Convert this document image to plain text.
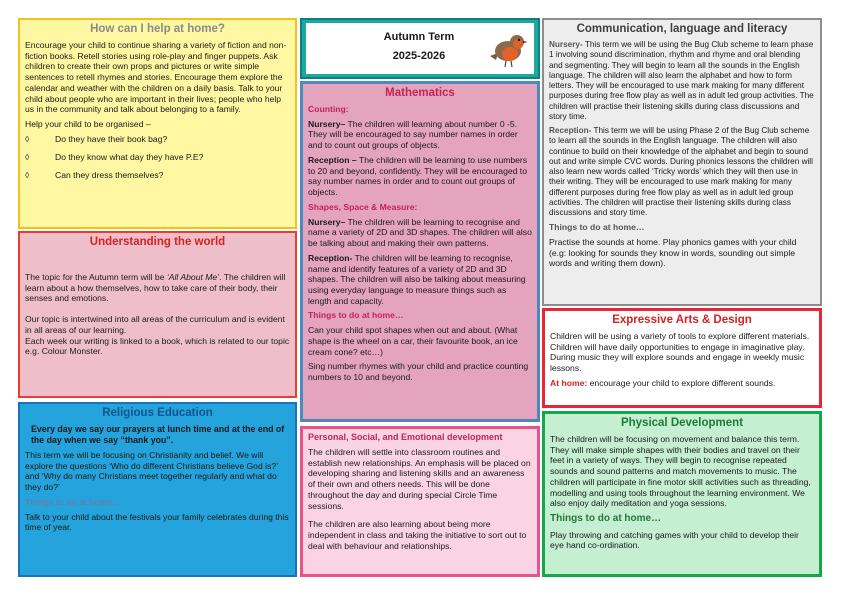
How can I help at home?

Encourage your child to continue sharing a variety of fiction and non-fiction books. Retell stories using role-play and finger puppets. Ask children to create their own props and pictures or write simple sentences to retell rhymes and stories. Encourage them explore the calendar and weather with the children on a daily basis. Talk to your child about people who are important in their lives; people who help us in the community and talk about belonging to a family.

Help your child to be organised –

◊	Do they have their book bag?
◊	Do they know what day they have P.E?
◊	Can they dress themselves?
Understanding the world

The topic for the Autumn term will be ‘All About Me’. The children will learn about a how themselves, how to take care of their body, their senses and emotions.

Our topic is intertwined into all areas of the curriculum and is evident in all areas of our learning.

Each week our writing is linked to a book, which is related to our topic e.g. Colour Monster.

Religious Education

Every day we say our prayers at lunch time and at the end of the day when we say “thank you”.

This term we will be focusing on Christianity and belief. We will explore the questions ‘Who do different Christians believe God is?’ and ‘Why do many Christians meet together regularly and what do they do?’

Things to do at home…

Talk to your child about the festivals your family celebrates during this time of year.

Autumn Term
2025-2026
Mathematics

Counting:

Nursery– The children will learning about number 0 -5. They will be encouraged to say number names in order and to count out groups of objects.

Reception – The children will be learning to use numbers to 20 and beyond, confidently. They will be encouraged to say number names in order and to count out groups of objects.

Shapes, Space & Measure:

Nursery– The children will be learning to recognise and name a variety of 2D and 3D shapes. The children will also be talking about and making their own patterns.

Reception- The children will be learning to recognise, name and identify features of a variety of 2D and 3D shapes. The children will also be talking about measuring using everyday language to measure things such as length and capacity.

Things to do at home…

Can your child spot shapes when out and about. (What shape is the wheel on a car, their favourite book, an ice cream cone? etc…)

Sing number rhymes with your child and practice counting numbers to 10 and beyond.

Personal, Social, and Emotional development

The children will settle into classroom routines and establish new relationships. An emphasis will be placed on developing sharing and listening skills and an awareness of their own and others needs. This will be done throughout the day and during special Circle Time sessions.

The children are also learning about being more independent in class and taking the initiative to sort out to deal with behaviour and relationships.

Communication, language and literacy

Nursery- This term we will be using the Bug Club scheme to learn phase 1 involving sound discrimination, rhythm and rhyme and oral blending and segmenting. They will begin to learn all the sounds in the English language. The children will also learn the alphabet and how to form letters. They will be encouraged to use mark making for many different purposes during free flow play as well as in adult led group activities. The children will practise their listening skills during class discussions and story time.

Reception- This term we will be using Phase 2 of the Bug Club scheme to learn all the sounds in the English language. The children will also continue to build on their knowledge of the alphabet and begin to sound out and write simple CVC words. During phonics lessons the children will also learn new words called ‘Tricky words’ which they will then use in their writing. They will be encouraged to use mark making for many different purposes during free flow play as well as in adult led group activities. The children will practise their listening skills during class discussions and story time.

Things to do at home…

Practise the sounds at home. Play phonics games with your child (e.g: looking for sounds they know in words, sounding out simple words and writing them down).

Expressive Arts & Design

Children will be using a variety of tools to explore different materials. Children will have daily opportunities to engage in imaginative play. During music they will explore sounds and engage in weekly music lessons.

At home: encourage your child to explore different sounds.

Physical Development

The children will be focusing on movement and balance this term. They will make simple shapes with their bodies and travel on their feet in a variety of ways. They will begin to recognise repeated sounds and sound patterns and match movements to music. The children will participate in fine motor skill activities such as threading, modelling and using tools throughout the learning environment. We also enjoy daily meditation and yoga sessions.

Things to do at home…

Play throwing and catching games with your child to develop their eye hand co-ordination.
